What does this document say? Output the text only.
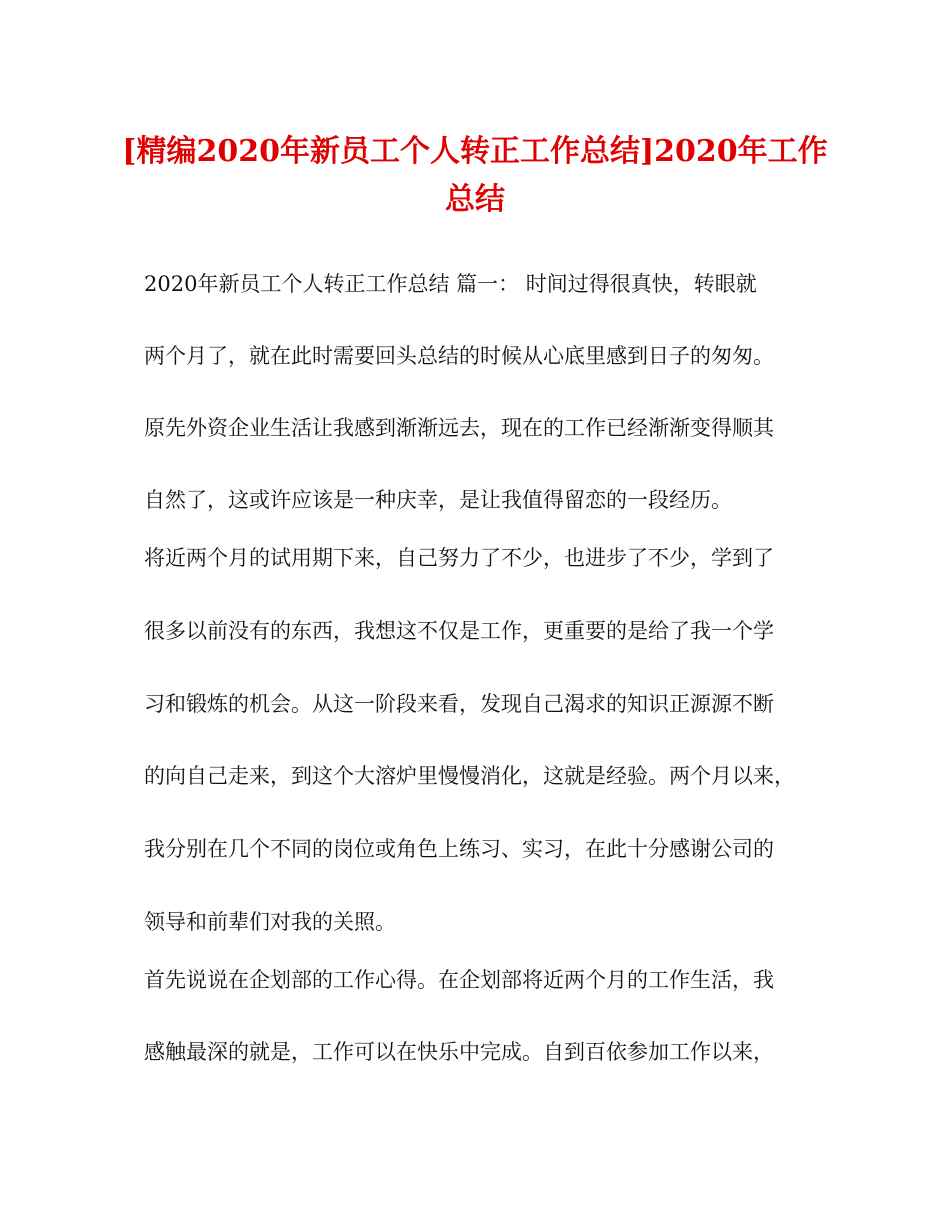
[精编2020年新员工个人转正工作总结]2020年工作
总结
2020年新员工个人转正工作总结 篇一： 时间过得很真快，转眼就
两个月了，就在此时需要回头总结的时候从心底里感到日子的匆匆。
原先外资企业生活让我感到渐渐远去，现在的工作已经渐渐变得顺其
自然了，这或许应该是一种庆幸，是让我值得留恋的一段经历。
将近两个月的试用期下来，自己努力了不少，也进步了不少，学到了
很多以前没有的东西，我想这不仅是工作，更重要的是给了我一个学
习和锻炼的机会。从这一阶段来看，发现自己渴求的知识正源源不断
的向自己走来，到这个大溶炉里慢慢消化，这就是经验。两个月以来，
我分别在几个不同的岗位或角色上练习、实习，在此十分感谢公司的
领导和前辈们对我的关照。
首先说说在企划部的工作心得。在企划部将近两个月的工作生活，我
感触最深的就是，工作可以在快乐中完成。自到百依参加工作以来，
